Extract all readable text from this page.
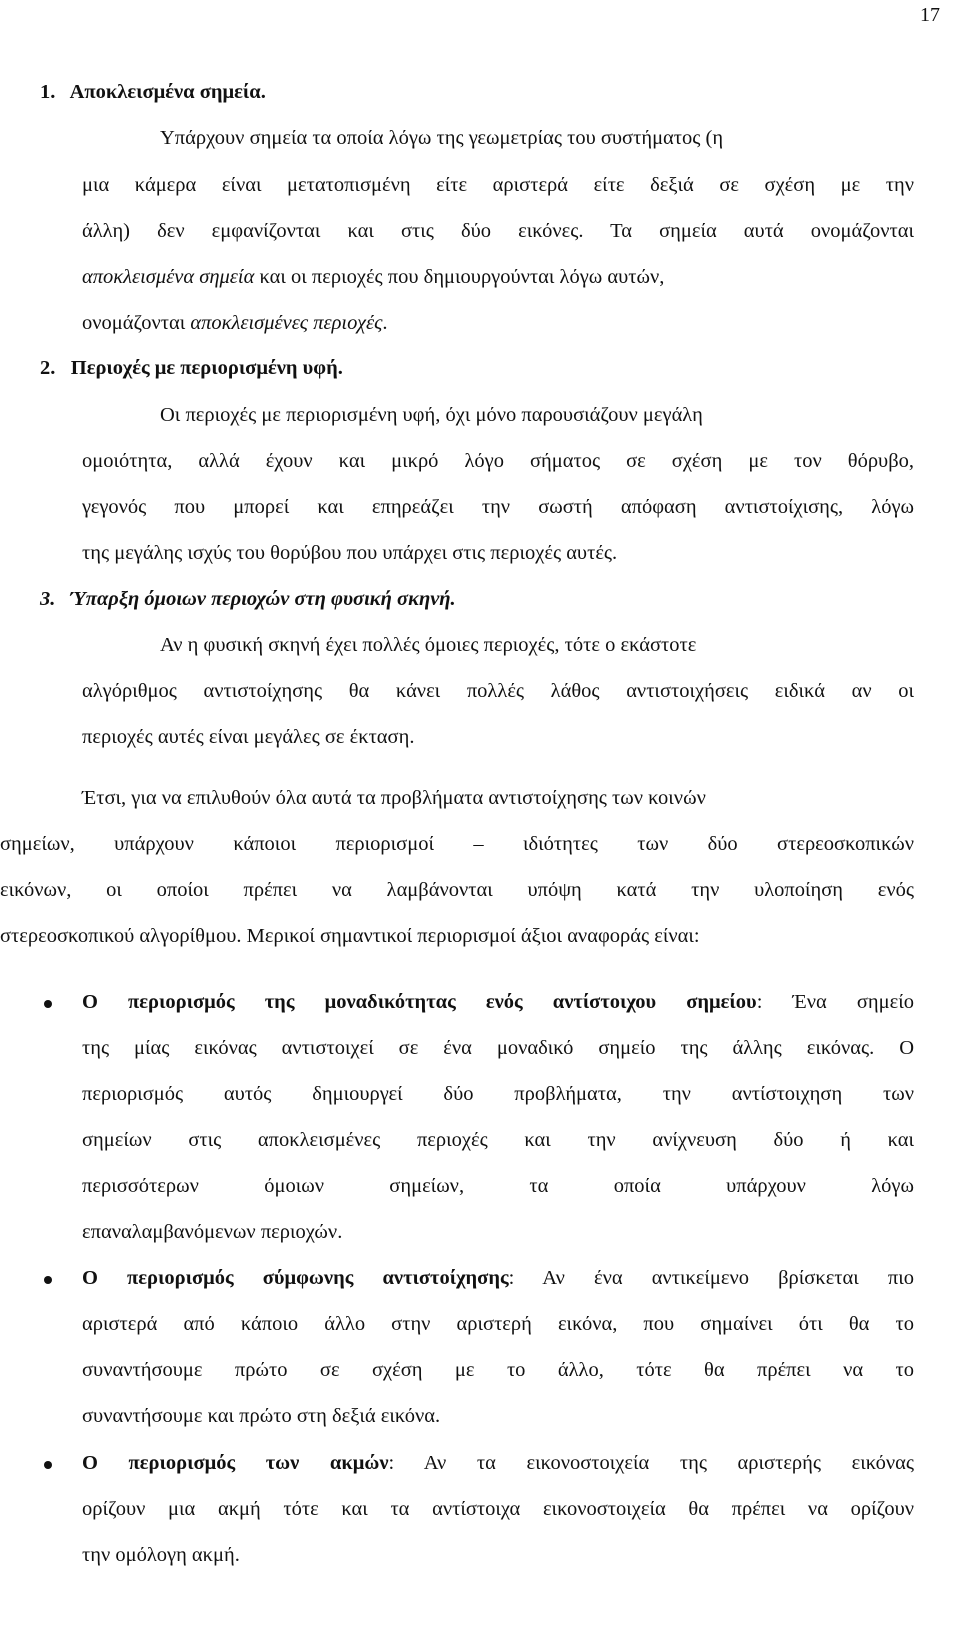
17
1.   Αποκλεισμένα σημεία.
Υπάρχουν σημεία τα οποία λόγω της γεωμετρίας του συστήματος (η
μια κάμερα είναι μετατοπισμένη είτε αριστερά είτε δεξιά σε σχέση με την
άλλη) δεν εμφανίζονται και στις δύο εικόνες. Τα σημεία αυτά ονομάζονται
αποκλεισμένα σημεία και οι περιοχές που δημιουργούνται λόγω αυτών,
ονομάζονται αποκλεισμένες περιοχές.
2.   Περιοχές με περιορισμένη υφή.
Οι περιοχές με περιορισμένη υφή, όχι μόνο παρουσιάζουν μεγάλη
ομοιότητα, αλλά έχουν και μικρό λόγο σήματος σε σχέση με τον θόρυβο,
γεγονός που μπορεί και επηρεάζει την σωστή απόφαση αντιστοίχισης, λόγω
της μεγάλης ισχύς του θορύβου που υπάρχει στις περιοχές αυτές.
3.   Ύπαρξη όμοιων περιοχών στη φυσική σκηνή.
Αν η φυσική σκηνή έχει πολλές όμοιες περιοχές, τότε ο εκάστοτε
αλγόριθμος αντιστοίχησης θα κάνει πολλές λάθος αντιστοιχήσεις ειδικά αν οι
περιοχές αυτές είναι μεγάλες σε έκταση.
Έτσι, για να επιλυθούν όλα αυτά τα προβλήματα αντιστοίχησης των κοινών
σημείων, υπάρχουν κάποιοι περιορισμοί – ιδιότητες των δύο στερεοσκοπικών
εικόνων, οι οποίοι πρέπει να λαμβάνονται υπόψη κατά την υλοποίηση ενός
στερεοσκοπικού αλγορίθμου. Μερικοί σημαντικοί περιορισμοί άξιοι αναφοράς είναι:
Ο περιορισμός της μοναδικότητας ενός αντίστοιχου σημείου: Ένα σημείο
της μίας εικόνας αντιστοιχεί σε ένα μοναδικό σημείο της άλλης εικόνας. Ο
περιορισμός αυτός δημιουργεί δύο προβλήματα, την αντίστοιχηση των
σημείων στις αποκλεισμένες περιοχές και την ανίχνευση δύο ή και
περισσότερων όμοιων σημείων, τα οποία υπάρχουν λόγω
επαναλαμβανόμενων περιοχών.
Ο περιορισμός σύμφωνης αντιστοίχησης: Αν ένα αντικείμενο βρίσκεται πιο
αριστερά από κάποιο άλλο στην αριστερή εικόνα, που σημαίνει ότι θα το
συναντήσουμε πρώτο σε σχέση με το άλλο, τότε θα πρέπει να το
συναντήσουμε και πρώτο στη δεξιά εικόνα.
Ο περιορισμός των ακμών: Αν τα εικονοστοιχεία της αριστερής εικόνας
ορίζουν μια ακμή τότε και τα αντίστοιχα εικονοστοιχεία θα πρέπει να ορίζουν
την ομόλογη ακμή.
